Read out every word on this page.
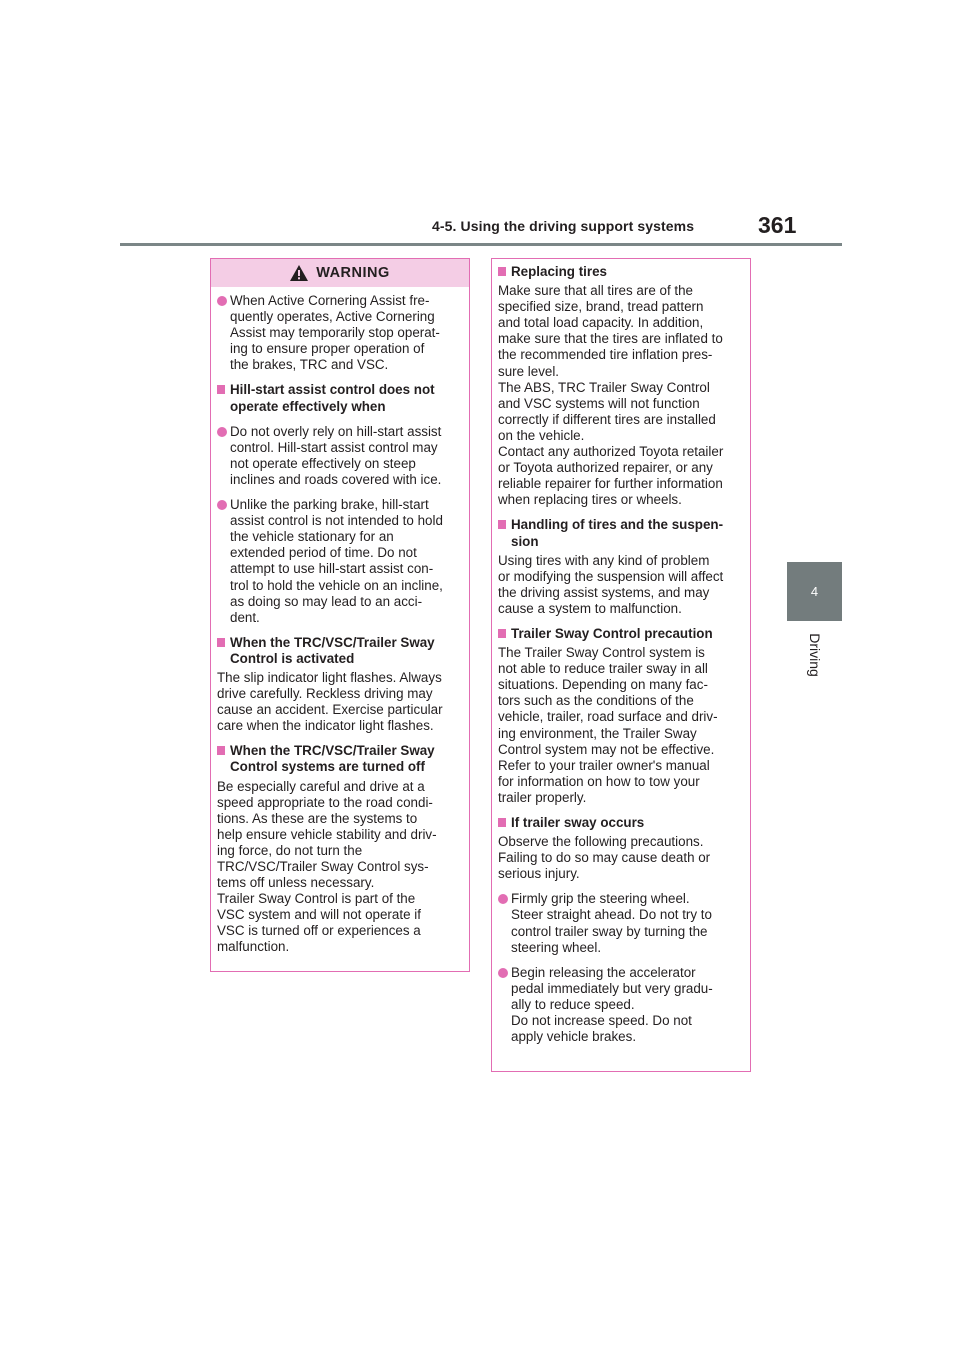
4-5. Using the driving support systems	361
4
Driving
WARNING
When Active Cornering Assist fre-
quently operates, Active Cornering
Assist may temporarily stop operat-
ing to ensure proper operation of
the brakes, TRC and VSC.
Hill-start assist control does not
operate effectively when
Do not overly rely on hill-start assist
control. Hill-start assist control may
not operate effectively on steep
inclines and roads covered with ice.
Unlike the parking brake, hill-start
assist control is not intended to hold
the vehicle stationary for an
extended period of time. Do not
attempt to use hill-start assist con-
trol to hold the vehicle on an incline,
as doing so may lead to an acci-
dent.
When the TRC/VSC/Trailer Sway
Control is activated
The slip indicator light flashes. Always
drive carefully. Reckless driving may
cause an accident. Exercise particular
care when the indicator light flashes.
When the TRC/VSC/Trailer Sway
Control systems are turned off
Be especially careful and drive at a
speed appropriate to the road condi-
tions. As these are the systems to
help ensure vehicle stability and driv-
ing force, do not turn the
TRC/VSC/Trailer Sway Control sys-
tems off unless necessary.
Trailer Sway Control is part of the
VSC system and will not operate if
VSC is turned off or experiences a
malfunction.
Replacing tires
Make sure that all tires are of the
specified size, brand, tread pattern
and total load capacity. In addition,
make sure that the tires are inflated to
the recommended tire inflation pres-
sure level.
The ABS, TRC Trailer Sway Control
and VSC systems will not function
correctly if different tires are installed
on the vehicle.
Contact any authorized Toyota retailer
or Toyota authorized repairer, or any
reliable repairer for further information
when replacing tires or wheels.
Handling of tires and the suspen-
sion
Using tires with any kind of problem
or modifying the suspension will affect
the driving assist systems, and may
cause a system to malfunction.
Trailer Sway Control precaution
The Trailer Sway Control system is
not able to reduce trailer sway in all
situations. Depending on many fac-
tors such as the conditions of the
vehicle, trailer, road surface and driv-
ing environment, the Trailer Sway
Control system may not be effective.
Refer to your trailer owner's manual
for information on how to tow your
trailer properly.
If trailer sway occurs
Observe the following precautions.
Failing to do so may cause death or
serious injury.
Firmly grip the steering wheel.
Steer straight ahead. Do not try to
control trailer sway by turning the
steering wheel.
Begin releasing the accelerator
pedal immediately but very gradu-
ally to reduce speed.
Do not increase speed. Do not
apply vehicle brakes.
